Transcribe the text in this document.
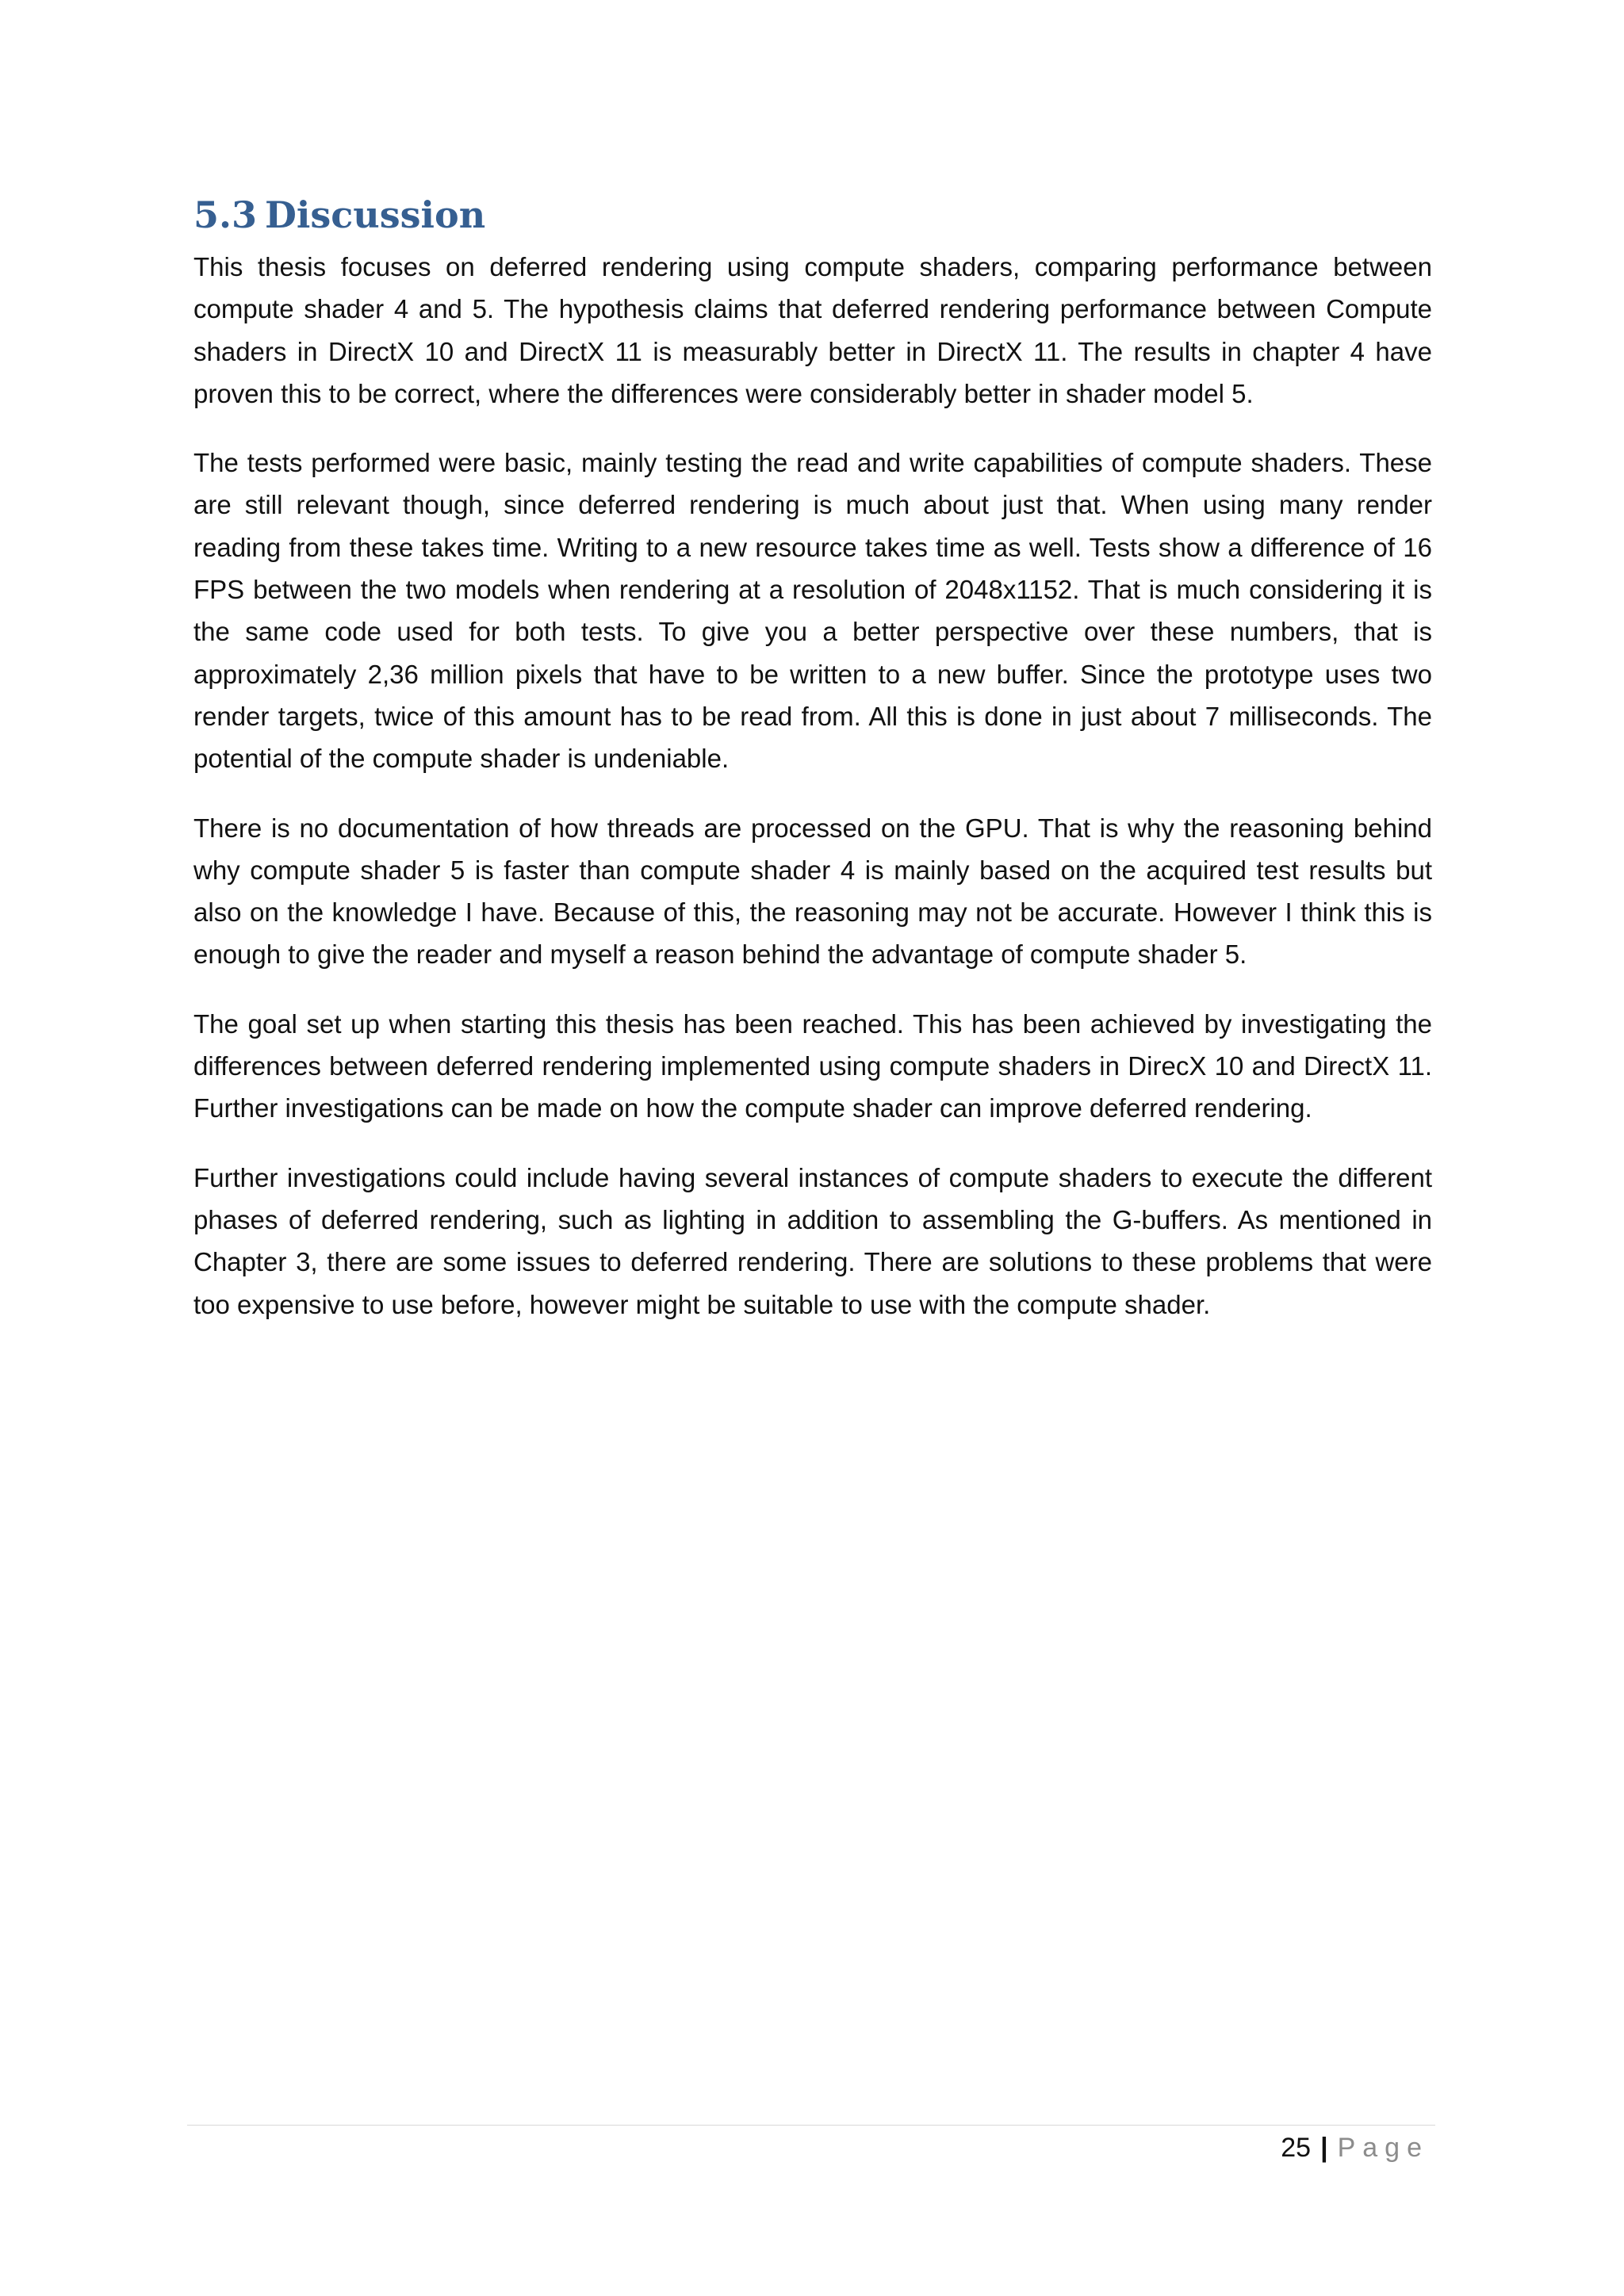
5.3 Discussion

This thesis focuses on deferred rendering using compute shaders, comparing performance between compute shader 4 and 5. The hypothesis claims that deferred rendering performance between Compute shaders in DirectX 10 and DirectX 11 is measurably better in DirectX 11. The results in chapter 4 have proven this to be correct, where the differences were considerably better in shader model 5.

The tests performed were basic, mainly testing the read and write capabilities of compute shaders. These are still relevant though, since deferred rendering is much about just that. When using many render reading from these takes time. Writing to a new resource takes time as well. Tests show a difference of 16 FPS between the two models when rendering at a resolution of 2048x1152. That is much considering it is the same code used for both tests. To give you a better perspective over these numbers, that is approximately 2,36 million pixels that have to be written to a new buffer. Since the prototype uses two render targets, twice of this amount has to be read from. All this is done in just about 7 milliseconds. The potential of the compute shader is undeniable.

There is no documentation of how threads are processed on the GPU. That is why the reasoning behind why compute shader 5 is faster than compute shader 4 is mainly based on the acquired test results but also on the knowledge I have. Because of this, the reasoning may not be accurate. However I think this is enough to give the reader and myself a reason behind the advantage of compute shader 5.

The goal set up when starting this thesis has been reached. This has been achieved by investigating the differences between deferred rendering implemented using compute shaders in DirecX 10 and DirectX 11. Further investigations can be made on how the compute shader can improve deferred rendering.

Further investigations could include having several instances of compute shaders to execute the different phases of deferred rendering, such as lighting in addition to assembling the G-buffers. As mentioned in Chapter 3, there are some issues to deferred rendering. There are solutions to these problems that were too expensive to use before, however might be suitable to use with the compute shader.

25 | Page
